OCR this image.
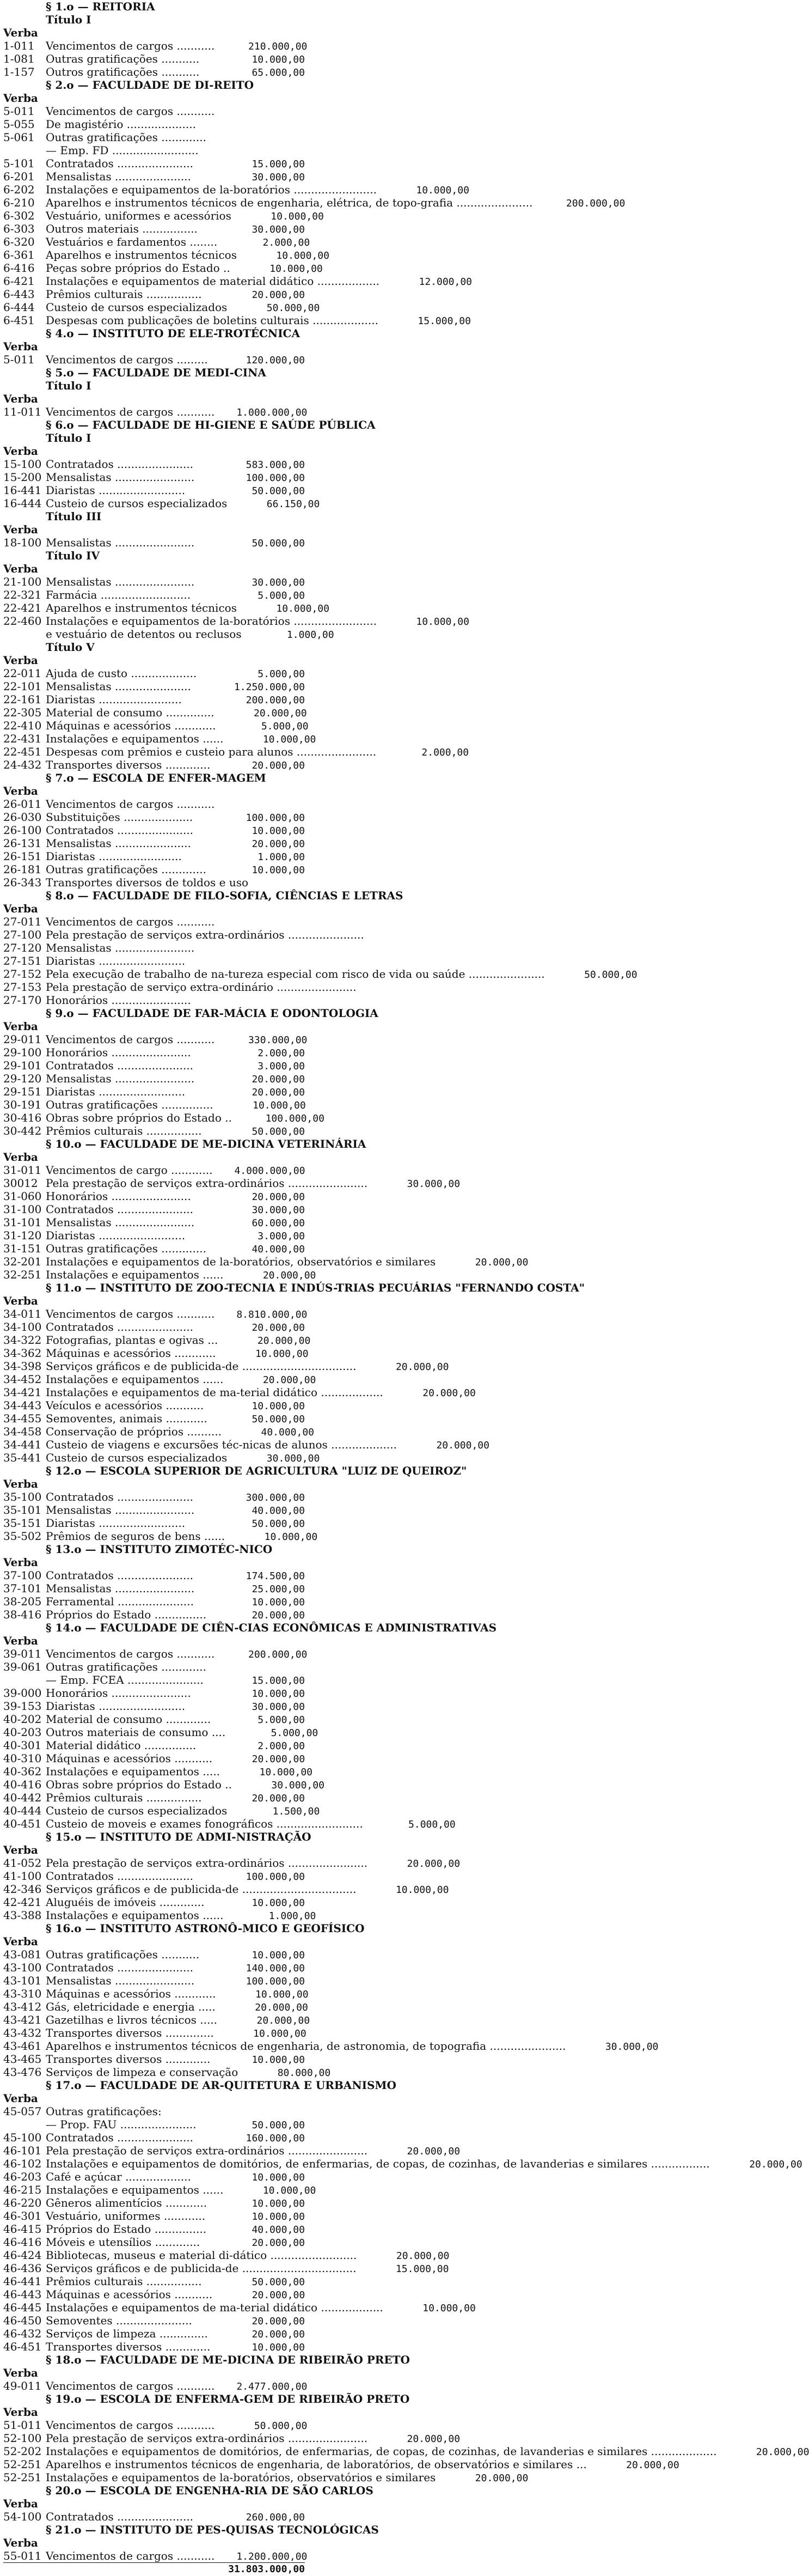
§ 1.o — REITORIA
Título I
Verba
1-011	Vencimentos de cargos ...........	210.000,00
1-081	Outras gratificações ...........	10.000,00
1-157	Outros gratificações ...........	65.000,00
§ 2.o — FACULDADE DE DI-REITO
Verba
5-011	Vencimentos de cargos ...........
5-055	De magistério ....................
5-061	Outras gratificações .............
— Emp. FD .........................
5-101	Contratados ......................	15.000,00
6-201	Mensalistas ......................	30.000,00
6-202	Instalações e equipamentos de la-boratórios ........................	10.000,00
6-210	Aparelhos e instrumentos técnicos de engenharia, elétrica, de topo-grafia ......................	200.000,00
6-302	Vestuário, uniformes e acessórios	10.000,00
6-303	Outros materiais ................	30.000,00
6-320	Vestuários e fardamentos ........	2.000,00
6-361	Aparelhos e instrumentos técnicos	10.000,00
6-416	Peças sobre próprios do Estado ..	10.000,00
6-421	Instalações e equipamentos de material didático ..................	12.000,00
6-443	Prêmios culturais ................	20.000,00
6-444	Custeio de cursos especializados	50.000,00
6-451	Despesas com publicações de boletins culturais ...................	15.000,00
§ 4.o — INSTITUTO DE ELE-TROTÉCNICA
Verba
5-011	Vencimentos de cargos .........	120.000,00
§ 5.o — FACULDADE DE MEDI-CINA
Título I
Verba
11-011 Vencimentos de cargos ...........	1.000.000,00
§ 6.o — FACULDADE DE HI-GIENE E SAÚDE PÚBLICA
Título I
Verba
15-100 Contratados ......................	583.000,00
15-200 Mensalistas .......................	100.000,00
16-441 Diaristas .........................	50.000,00
16-444 Custeio de cursos especializados	66.150,00
Título III
Verba
18-100 Mensalistas .......................	50.000,00
Título IV
Verba
21-100 Mensalistas .......................	30.000,00
22-321 Farmácia ..........................	5.000,00
22-421 Aparelhos e instrumentos técnicos	10.000,00
22-460 Instalações e equipamentos de la-boratórios ........................	10.000,00
e vestuário de detentos ou reclusos	1.000,00
Título V
Verba
22-011 Ajuda de custo ...................	5.000,00
22-101 Mensalistas ......................	1.250.000,00
22-161 Diaristas ........................	200.000,00
22-305 Material de consumo ..............	20.000,00
22-410 Máquinas e acessórios ............	5.000,00
22-431 Instalações e equipamentos ......	10.000,00
22-451 Despesas com prêmios e custeio para alunos .......................	2.000,00
24-432 Transportes diversos .............	20.000,00
§ 7.o — ESCOLA DE ENFER-MAGEM
Verba
26-011 Vencimentos de cargos ...........
26-030 Substituições ....................	100.000,00
26-100 Contratados ......................	10.000,00
26-131 Mensalistas ......................	20.000,00
26-151 Diaristas ........................	1.000,00
26-181 Outras gratificações .............	10.000,00
26-343 Transportes diversos de toldos e uso
§ 8.o — FACULDADE DE FILO-SOFIA, CIÊNCIAS E LETRAS
Verba
27-011 Vencimentos de cargos ...........
27-100 Pela prestação de serviços extra-ordinários ......................
27-120 Mensalistas .......................
27-151 Diaristas .........................
27-152 Pela execução de trabalho de na-tureza especial com risco de vida ou saúde ......................	50.000,00
27-153 Pela prestação de serviço extra-ordinário .......................
27-170 Honorários .......................
§ 9.o — FACULDADE DE FAR-MÁCIA E ODONTOLOGIA
Verba
29-011 Vencimentos de cargos ...........	330.000,00
29-100 Honorários .......................	2.000,00
29-101 Contratados ......................	3.000,00
29-120 Mensalistas .......................	20.000,00
29-151 Diaristas .........................	20.000,00
30-191 Outras gratificações ...............	10.000,00
30-416 Obras sobre próprios do Estado ..	100.000,00
30-442 Prêmios culturais ................	50.000,00
§ 10.o — FACULDADE DE ME-DICINA VETERINÁRIA
Verba
31-011 Vencimentos de cargo ............	4.000.000,00
30012 Pela prestação de serviços extra-ordinários .......................	30.000,00
31-060 Honorários .......................	20.000,00
31-100 Contratados ......................	30.000,00
31-101 Mensalistas .......................	60.000,00
31-120 Diaristas .........................	3.000,00
31-151 Outras gratificações .............	40.000,00
32-201 Instalações e equipamentos de la-boratórios, observatórios e similares	20.000,00
32-251 Instalações e equipamentos ......	20.000,00
§ 11.o — INSTITUTO DE ZOO-TECNIA E INDÚS-TRIAS PECUÁRIAS "FERNANDO COSTA"
Verba
34-011 Vencimentos de cargos ...........	8.810.000,00
34-100 Contratados ......................	20.000,00
34-322 Fotografias, plantas e ogivas ...	20.000,00
34-362 Máquinas e acessórios ............	10.000,00
34-398 Serviços gráficos e de publicida-de .................................	20.000,00
34-452 Instalações e equipamentos ......	20.000,00
34-421 Instalações e equipamentos de ma-terial didático ..................	20.000,00
34-443 Veículos e acessórios ...........	10.000,00
34-455 Semoventes, animais ............	50.000,00
34-458 Conservação de próprios ..........	40.000,00
34-441 Custeio de viagens e excursões téc-nicas de alunos ...................	20.000,00
35-441 Custeio de cursos especializados	30.000,00
§ 12.o — ESCOLA SUPERIOR DE AGRICULTURA "LUIZ DE QUEIROZ"
Verba
35-100 Contratados ......................	300.000,00
35-101 Mensalistas .......................	40.000,00
35-151 Diaristas .........................	50.000,00
35-502 Prêmios de seguros de bens ......	10.000,00
§ 13.o — INSTITUTO ZIMOTÉC-NICO
Verba
37-100 Contratados ......................	174.500,00
37-101 Mensalistas .......................	25.000,00
38-205 Ferramental ......................	10.000,00
38-416 Próprios do Estado ...............	20.000,00
§ 14.o — FACULDADE DE CIÊN-CIAS ECONÔMICAS E ADMINISTRATIVAS
Verba
39-011 Vencimentos de cargos ...........	200.000,00
39-061 Outras gratificações .............
— Emp. FCEA ......................	15.000,00
39-000 Honorários .......................	10.000,00
39-153 Diaristas .........................	30.000,00
40-202 Material de consumo .............	5.000,00
40-203 Outros materiais de consumo ....	5.000,00
40-301 Material didático ...............	2.000,00
40-310 Máquinas e acessórios ...........	20.000,00
40-362 Instalações e equipamentos .....	10.000,00
40-416 Obras sobre próprios do Estado ..	30.000,00
40-442 Prêmios culturais ................	20.000,00
40-444 Custeio de cursos especializados	1.500,00
40-451 Custeio de moveis e exames fonográficos .........................	5.000,00
§ 15.o — INSTITUTO DE ADMI-NISTRAÇÃO
Verba
41-052 Pela prestação de serviços extra-ordinários .......................	20.000,00
41-100 Contratados ......................	100.000,00
42-346 Serviços gráficos e de publicida-de .................................	10.000,00
42-421 Aluguéis de imóveis .............	10.000,00
43-388 Instalações e equipamentos ......	1.000,00
§ 16.o — INSTITUTO ASTRONÔ-MICO E GEOFÍSICO
Verba
43-081 Outras gratificações ...........	10.000,00
43-100 Contratados ......................	140.000,00
43-101 Mensalistas .......................	100.000,00
43-310 Máquinas e acessórios ............	10.000,00
43-412 Gás, eletricidade e energia .....	20.000,00
43-421 Gazetilhas e livros técnicos .....	20.000,00
43-432 Transportes diversos ..............	10.000,00
43-461 Aparelhos e instrumentos técnicos de engenharia, de astronomia, de topografia ......................	30.000,00
43-465 Transportes diversos .............	10.000,00
43-476 Serviços de limpeza e conservação	80.000,00
§ 17.o — FACULDADE DE AR-QUITETURA E URBANISMO
Verba
45-057 Outras gratificações:
— Prop. FAU ......................	50.000,00
45-100 Contratados ......................	160.000,00
46-101 Pela prestação de serviços extra-ordinários .......................	20.000,00
46-102 Instalações e equipamentos de domitórios, de enfermarias, de copas, de cozinhas, de lavanderias e similares .................	20.000,00
46-203 Café e açúcar ...................	10.000,00
46-215 Instalações e equipamentos ......	10.000,00
46-220 Gêneros alimentícios ............	10.000,00
46-301 Vestuário, uniformes ............	10.000,00
46-415 Próprios do Estado ...............	40.000,00
46-416 Móveis e utensílios .............	20.000,00
46-424 Bibliotecas, museus e material di-dático .........................	20.000,00
46-436 Serviços gráficos e de publicida-de .................................	15.000,00
46-441 Prêmios culturais ................	50.000,00
46-443 Máquinas e acessórios ...........	20.000,00
46-445 Instalações e equipamentos de ma-terial didático ..................	10.000,00
46-450 Semoventes ......................	20.000,00
46-432 Serviços de limpeza ..............	20.000,00
46-451 Transportes diversos .............	10.000,00
§ 18.o — FACULDADE DE ME-DICINA DE RIBEIRÃO PRETO
Verba
49-011 Vencimentos de cargos ...........	2.477.000,00
§ 19.o — ESCOLA DE ENFERMA-GEM DE RIBEIRÃO PRETO
Verba
51-011 Vencimentos de cargos ...........	50.000,00
52-100 Pela prestação de serviços extra-ordinários .......................	20.000,00
52-202 Instalações e equipamentos de domitórios, de enfermarias, de copas, de cozinhas, de lavanderias e similares ...................	20.000,00
52-251 Aparelhos e instrumentos técnicos de engenharia, de laboratórios, de observatórios e similares ...	20.000,00
52-251 Instalações e equipamentos de la-boratórios, observatórios e similares	20.000,00
§ 20.o — ESCOLA DE ENGENHA-RIA DE SÃO CARLOS
Verba
54-100 Contratados ......................	260.000,00
§ 21.o — INSTITUTO DE PES-QUISAS TECNOLÓGICAS
Verba
55-011 Vencimentos de cargos ...........	1.200.000,00
31.803.000,00
